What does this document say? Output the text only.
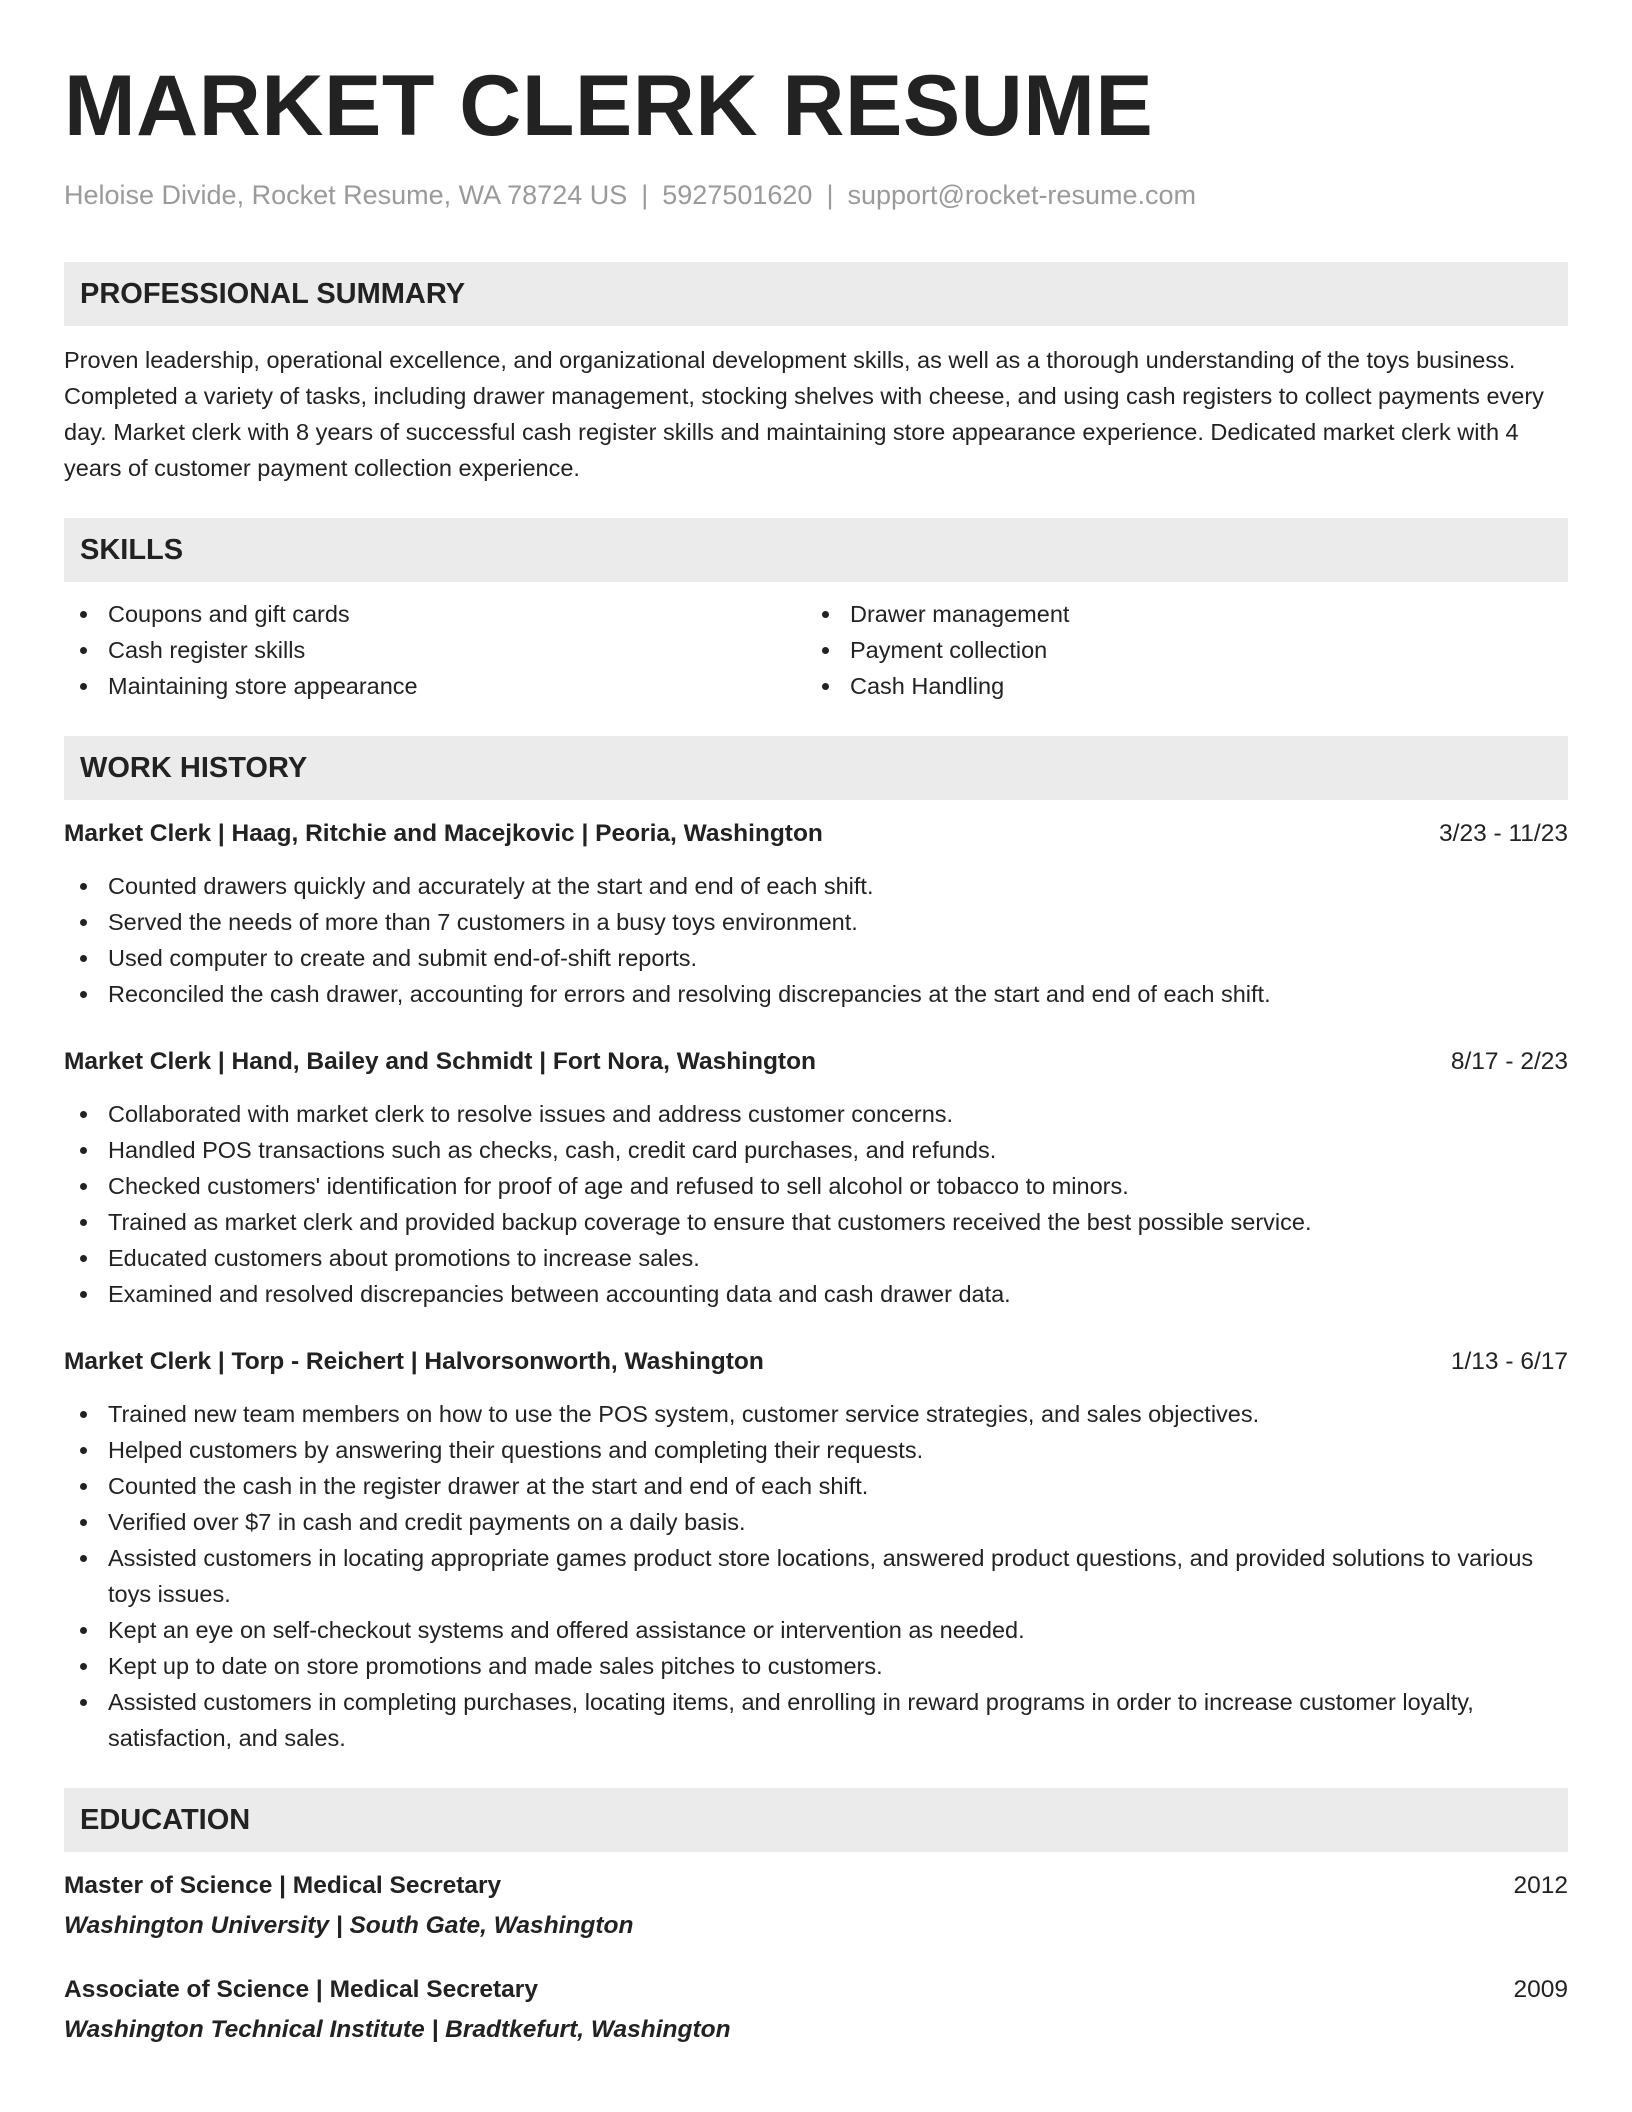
MARKET CLERK RESUME
Heloise Divide, Rocket Resume, WA 78724 US | 5927501620 | support@rocket-resume.com
PROFESSIONAL SUMMARY

Proven leadership, operational excellence, and organizational development skills, as well as a thorough understanding of the toys business. Completed a variety of tasks, including drawer management, stocking shelves with cheese, and using cash registers to collect payments every day. Market clerk with 8 years of successful cash register skills and maintaining store appearance experience. Dedicated market clerk with 4 years of customer payment collection experience.

SKILLS
Coupons and gift cards
Cash register skills
Maintaining store appearance
Drawer management
Payment collection
Cash Handling
WORK HISTORY
Market Clerk | Haag, Ritchie and Macejkovic | Peoria, Washington	3/23 - 11/23
Counted drawers quickly and accurately at the start and end of each shift.
Served the needs of more than 7 customers in a busy toys environment.
Used computer to create and submit end-of-shift reports.
Reconciled the cash drawer, accounting for errors and resolving discrepancies at the start and end of each shift.
Market Clerk | Hand, Bailey and Schmidt | Fort Nora, Washington	8/17 - 2/23
Collaborated with market clerk to resolve issues and address customer concerns.
Handled POS transactions such as checks, cash, credit card purchases, and refunds.
Checked customers' identification for proof of age and refused to sell alcohol or tobacco to minors.
Trained as market clerk and provided backup coverage to ensure that customers received the best possible service.
Educated customers about promotions to increase sales.
Examined and resolved discrepancies between accounting data and cash drawer data.
Market Clerk | Torp - Reichert | Halvorsonworth, Washington	1/13 - 6/17
Trained new team members on how to use the POS system, customer service strategies, and sales objectives.
Helped customers by answering their questions and completing their requests.
Counted the cash in the register drawer at the start and end of each shift.
Verified over $7 in cash and credit payments on a daily basis.
Assisted customers in locating appropriate games product store locations, answered product questions, and provided solutions to various toys issues.
Kept an eye on self-checkout systems and offered assistance or intervention as needed.
Kept up to date on store promotions and made sales pitches to customers.
Assisted customers in completing purchases, locating items, and enrolling in reward programs in order to increase customer loyalty, satisfaction, and sales.
EDUCATION
Master of Science | Medical Secretary	2012
Washington University | South Gate, Washington
Associate of Science | Medical Secretary	2009
Washington Technical Institute | Bradtkefurt, Washington
